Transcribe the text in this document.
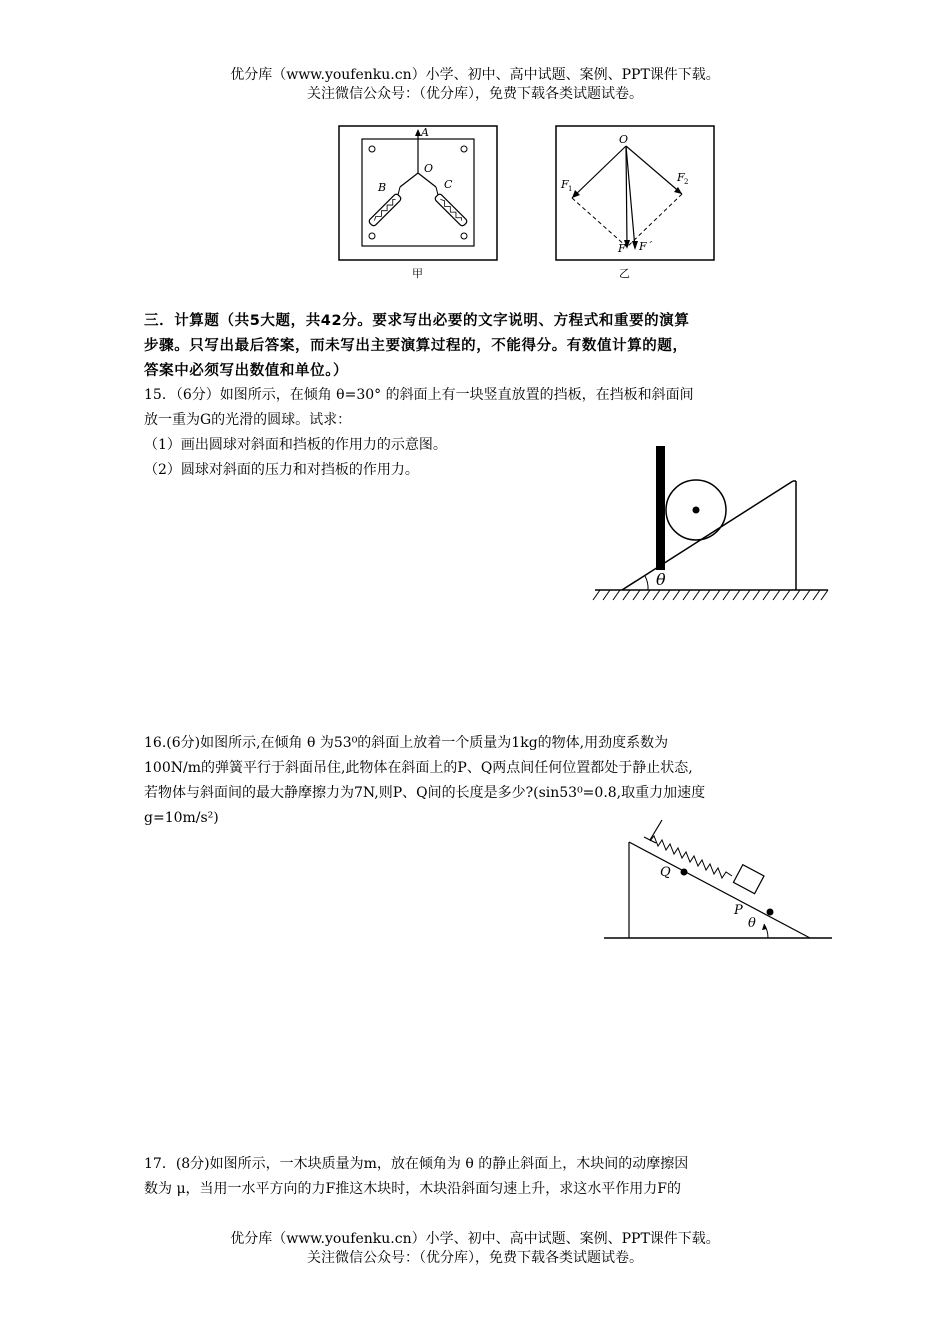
优分库（www.youfenku.cn）小学、初中、高中试题、案例、PPT课件下载。
关注微信公众号：（优分库），免费下载各类试题试卷。
A
O
B	C
甲
O
F 1
F 2
F F´
乙
三．计算题（共5大题，共42分。要求写出必要的文字说明、方程式和重要的演算
步骤。只写出最后答案，而未写出主要演算过程的，不能得分。有数值计算的题，
答案中必须写出数值和单位。）
15．（6分）如图所示，在倾角 θ=30° 的斜面上有一块竖直放置的挡板，在挡板和斜面间
放一重为G的光滑的圆球。试求：
（1）画出圆球对斜面和挡板的作用力的示意图。
（2）圆球对斜面的压力和对挡板的作用力。
θ
16.(6分)如图所示,在倾角 θ 为53⁰的斜面上放着一个质量为1kg的物体,用劲度系数为
100N/m的弹簧平行于斜面吊住,此物体在斜面上的P、Q两点间任何位置都处于静止状态,
若物体与斜面间的最大静摩擦力为7N,则P、Q间的长度是多少?(sin53⁰=0.8,取重力加速度
g=10m/s²)
Q
P
θ
17．(8分)如图所示，一木块质量为m，放在倾角为 θ 的静止斜面上，木块间的动摩擦因
数为 μ，当用一水平方向的力F推这木块时，木块沿斜面匀速上升，求这水平作用力F的
优分库（www.youfenku.cn）小学、初中、高中试题、案例、PPT课件下载。
关注微信公众号：（优分库），免费下载各类试题试卷。
